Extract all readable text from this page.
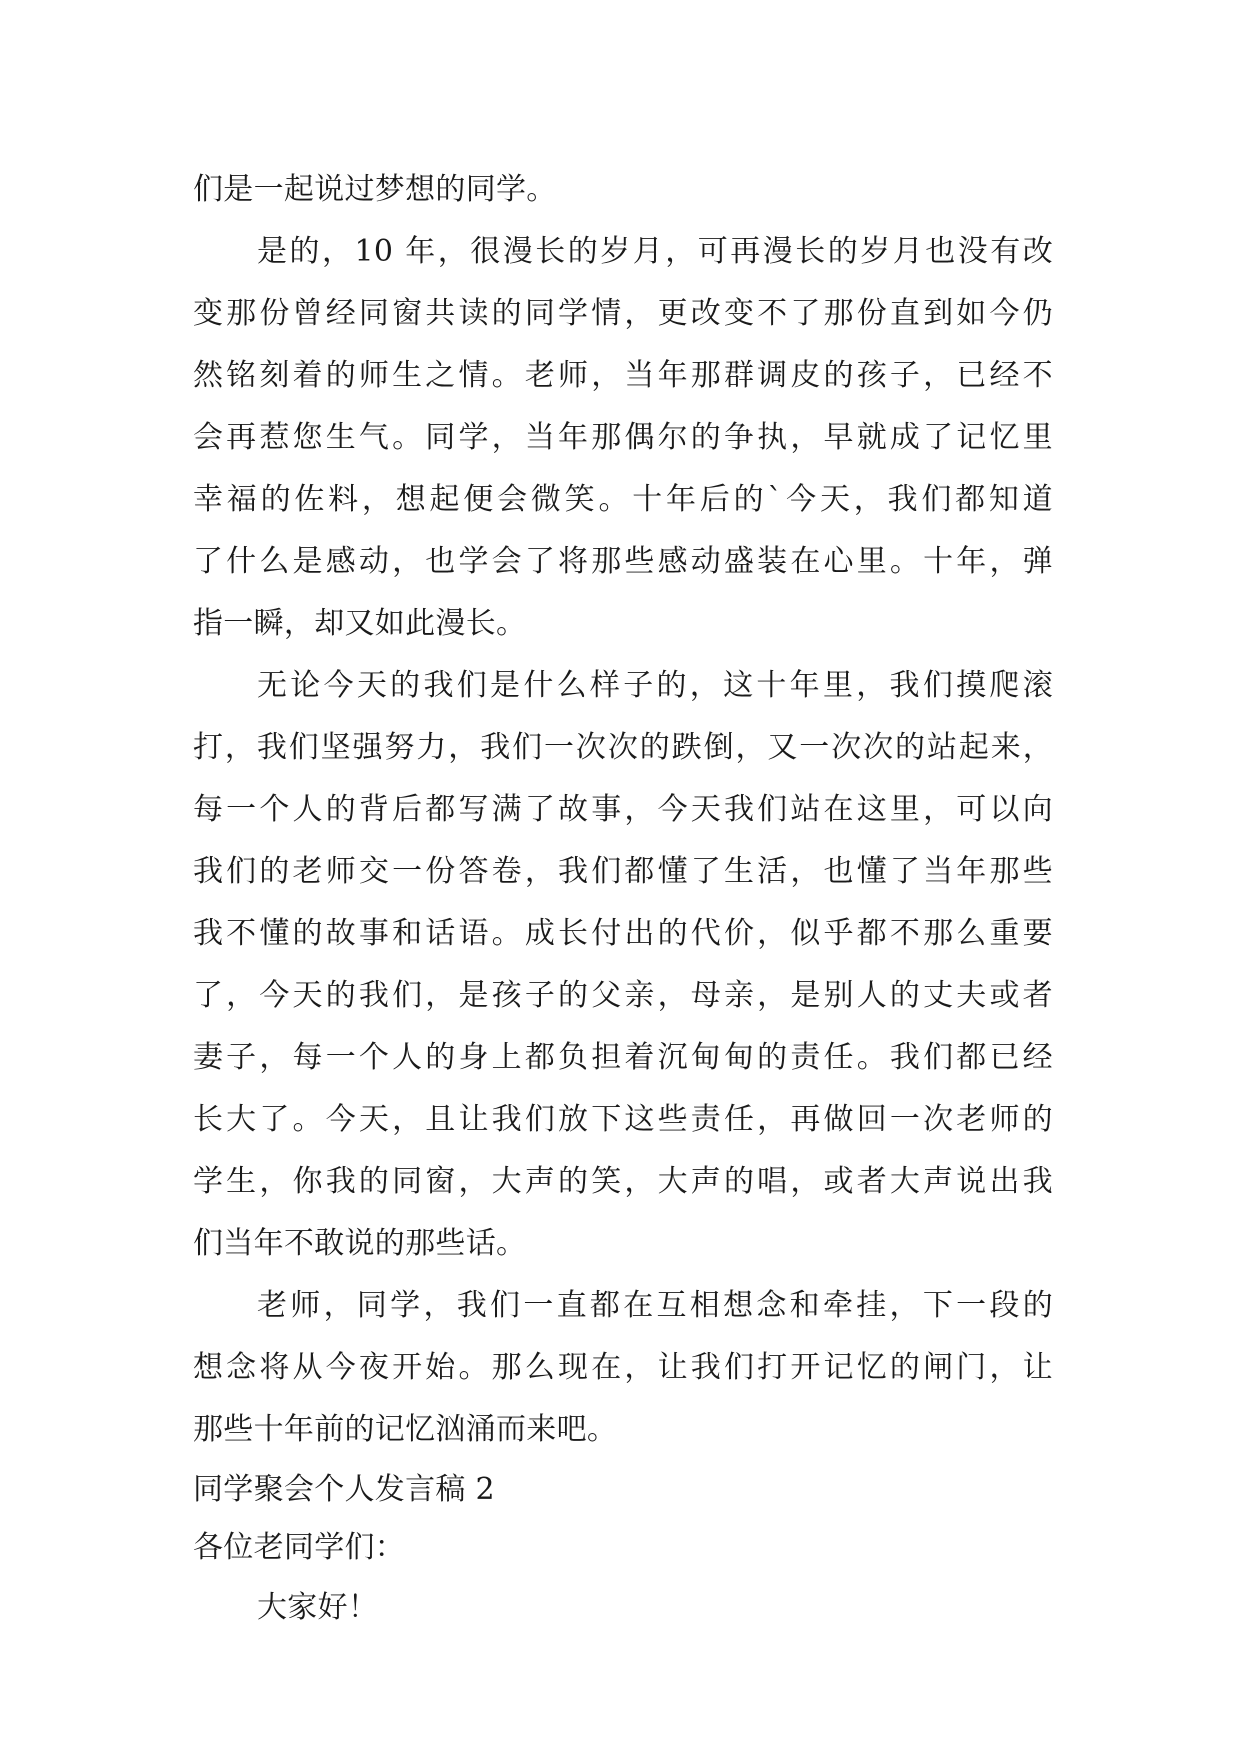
们是一起说过梦想的同学。
是的，10 年，很漫长的岁月，可再漫长的岁月也没有改
变那份曾经同窗共读的同学情，更改变不了那份直到如今仍
然铭刻着的师生之情。老师，当年那群调皮的孩子，已经不
会再惹您生气。同学，当年那偶尔的争执，早就成了记忆里
幸福的佐料，想起便会微笑。十年后的`今天，我们都知道
了什么是感动，也学会了将那些感动盛装在心里。十年，弹
指一瞬，却又如此漫长。
无论今天的我们是什么样子的，这十年里，我们摸爬滚
打，我们坚强努力，我们一次次的跌倒，又一次次的站起来，
每一个人的背后都写满了故事，今天我们站在这里，可以向
我们的老师交一份答卷，我们都懂了生活，也懂了当年那些
我不懂的故事和话语。成长付出的代价，似乎都不那么重要
了，今天的我们，是孩子的父亲，母亲，是别人的丈夫或者
妻子，每一个人的身上都负担着沉甸甸的责任。我们都已经
长大了。今天，且让我们放下这些责任，再做回一次老师的
学生，你我的同窗，大声的笑，大声的唱，或者大声说出我
们当年不敢说的那些话。
老师，同学，我们一直都在互相想念和牵挂，下一段的
想念将从今夜开始。那么现在，让我们打开记忆的闸门，让
那些十年前的记忆汹涌而来吧。
同学聚会个人发言稿 2
各位老同学们：
大家好！
